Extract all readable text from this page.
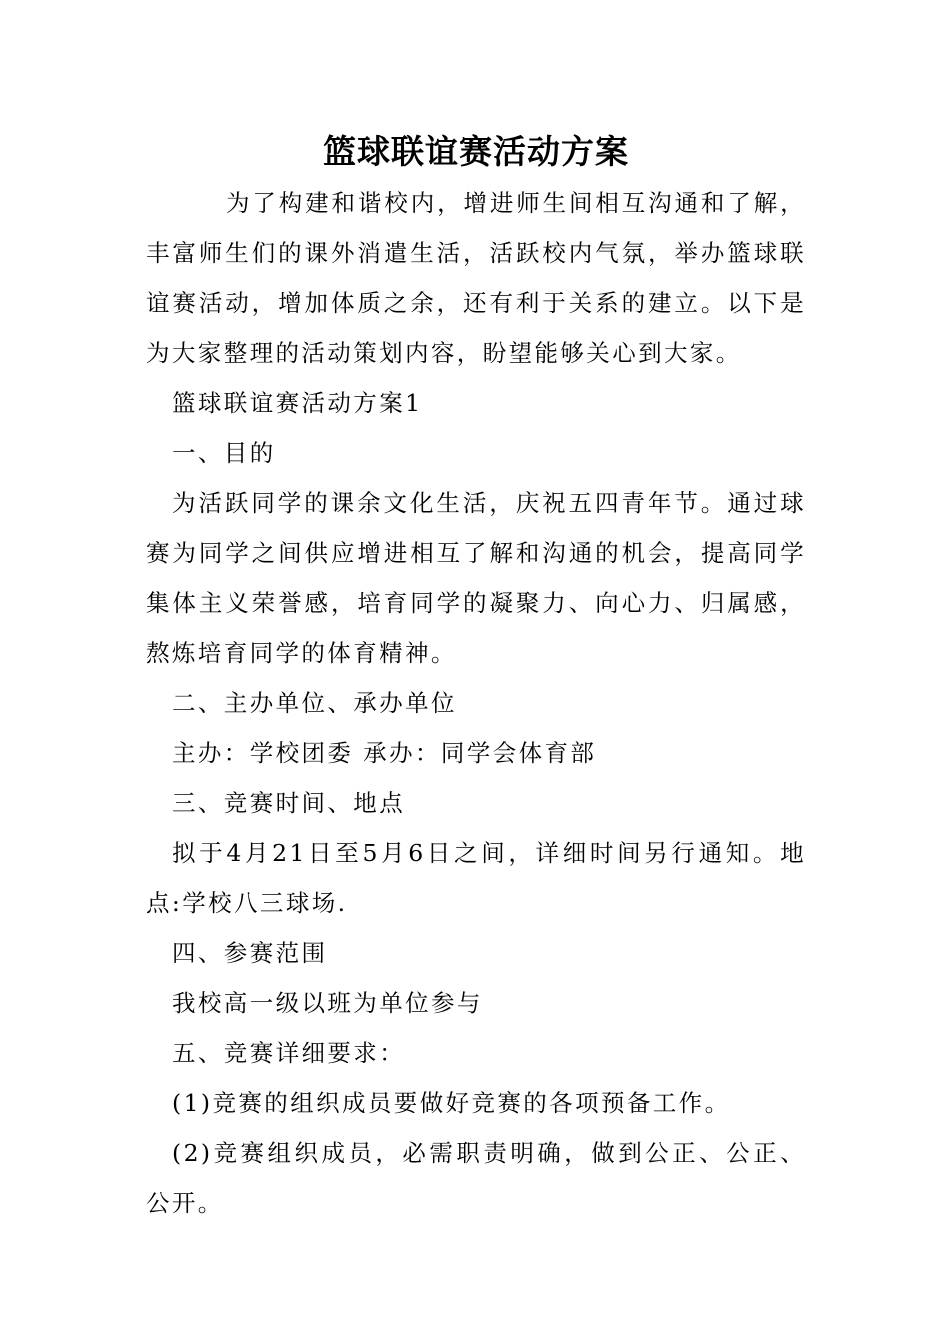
篮球联谊赛活动方案

为了构建和谐校内，增进师生间相互沟通和了解，丰富师生们的课外消遣生活，活跃校内气氛，举办篮球联谊赛活动，增加体质之余，还有利于关系的建立。以下是为大家整理的活动策划内容，盼望能够关心到大家。

篮球联谊赛活动方案1

一、目的

为活跃同学的课余文化生活，庆祝五四青年节。通过球赛为同学之间供应增进相互了解和沟通的机会，提高同学集体主义荣誉感，培育同学的凝聚力、向心力、归属感，熬炼培育同学的体育精神。

二、主办单位、承办单位

主办：学校团委 承办：同学会体育部

三、竞赛时间、地点

拟于4月21日至5月6日之间，详细时间另行通知。地点:学校八三球场.

四、参赛范围

我校高一级以班为单位参与

五、竞赛详细要求：

(1)竞赛的组织成员要做好竞赛的各项预备工作。

(2)竞赛组织成员，必需职责明确，做到公正、公正、公开。
